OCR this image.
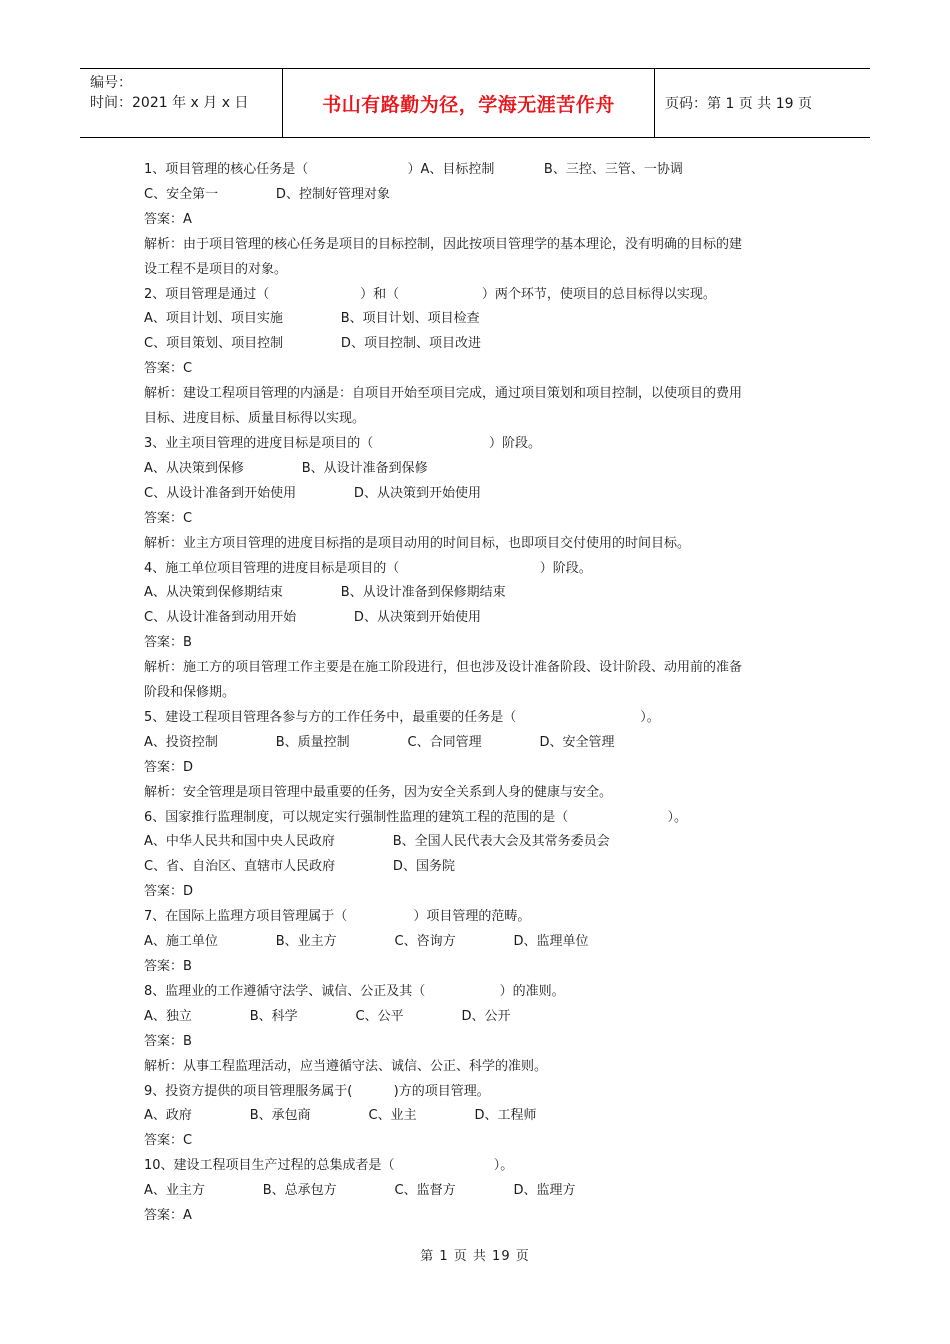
编号：
时间：2021 年 x 月 x 日	书山有路勤为径，学海无涯苦作舟	页码：第 1 页 共 19 页

1、项目管理的核心任务是（                        ）A、目标控制            B、三控、三管、一协调

C、安全第一              D、控制好管理对象

答案：A

解析：由于项目管理的核心任务是项目的目标控制，因此按项目管理学的基本理论，没有明确的目标的建

设工程不是项目的对象。

2、项目管理是通过（                      ）和（                    ）两个环节，使项目的总目标得以实现。

A、项目计划、项目实施              B、项目计划、项目检查

C、项目策划、项目控制              D、项目控制、项目改进

答案：C

解析：建设工程项目管理的内涵是：自项目开始至项目完成，通过项目策划和项目控制，以使项目的费用

目标、进度目标、质量目标得以实现。

3、业主项目管理的进度目标是项目的（                            ）阶段。

A、从决策到保修              B、从设计准备到保修

C、从设计准备到开始使用              D、从决策到开始使用

答案：C

解析：业主方项目管理的进度目标指的是项目动用的时间目标，也即项目交付使用的时间目标。

4、施工单位项目管理的进度目标是项目的（                                  ）阶段。

A、从决策到保修期结束              B、从设计准备到保修期结束

C、从设计准备到动用开始              D、从决策到开始使用

答案：B

解析：施工方的项目管理工作主要是在施工阶段进行，但也涉及设计准备阶段、设计阶段、动用前的准备

阶段和保修期。

5、建设工程项目管理各参与方的工作任务中，最重要的任务是（                              ）。

A、投资控制              B、质量控制              C、合同管理              D、安全管理

答案：D

解析：安全管理是项目管理中最重要的任务，因为安全关系到人身的健康与安全。

6、国家推行监理制度，可以规定实行强制性监理的建筑工程的范围的是（                        ）。

A、中华人民共和国中央人民政府              B、全国人民代表大会及其常务委员会

C、省、自治区、直辖市人民政府              D、国务院

答案：D

7、在国际上监理方项目管理属于（                ）项目管理的范畴。

A、施工单位              B、业主方              C、咨询方              D、监理单位

答案：B

8、监理业的工作遵循守法学、诚信、公正及其（                  ）的准则。

A、独立              B、科学              C、公平              D、公开

答案：B

解析：从事工程监理活动，应当遵循守法、诚信、公正、科学的准则。

9、投资方提供的项目管理服务属于(          )方的项目管理。

A、政府              B、承包商              C、业主              D、工程师

答案：C

10、建设工程项目生产过程的总集成者是（                        ）。

A、业主方              B、总承包方              C、监督方              D、监理方

答案：A

第 1 页 共 19 页
